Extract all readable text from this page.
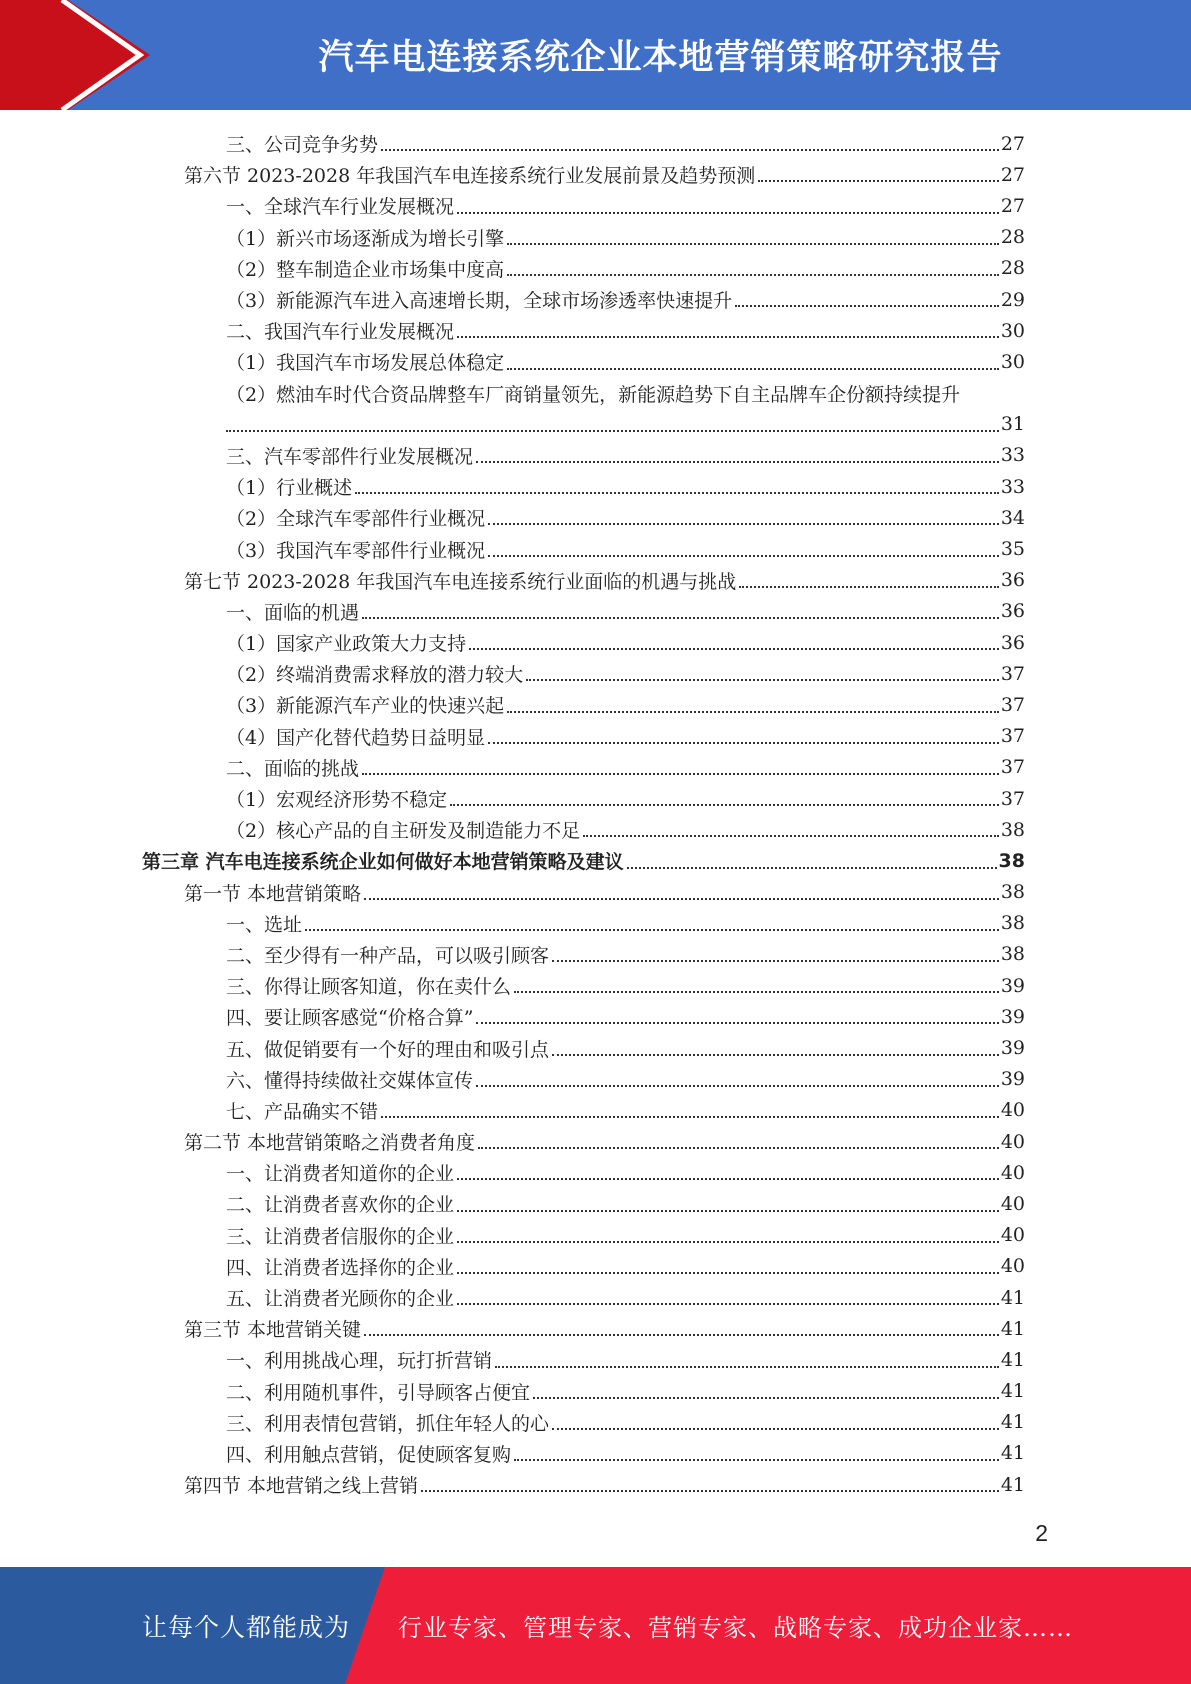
汽车电连接系统企业本地营销策略研究报告
三、公司竞争劣势	27
第六节 2023-2028 年我国汽车电连接系统行业发展前景及趋势预测	27
一、全球汽车行业发展概况	27
（1）新兴市场逐渐成为增长引擎	28
（2）整车制造企业市场集中度高	28
（3）新能源汽车进入高速增长期，全球市场渗透率快速提升	29
二、我国汽车行业发展概况	30
（1）我国汽车市场发展总体稳定	30
（2）燃油车时代合资品牌整车厂商销量领先，新能源趋势下自主品牌车企份额持续提升
31
三、汽车零部件行业发展概况	33
（1）行业概述	33
（2）全球汽车零部件行业概况	34
（3）我国汽车零部件行业概况	35
第七节 2023-2028 年我国汽车电连接系统行业面临的机遇与挑战	36
一、面临的机遇	36
（1）国家产业政策大力支持	36
（2）终端消费需求释放的潜力较大	37
（3）新能源汽车产业的快速兴起	37
（4）国产化替代趋势日益明显	37
二、面临的挑战	37
（1）宏观经济形势不稳定	37
（2）核心产品的自主研发及制造能力不足	38
第三章 汽车电连接系统企业如何做好本地营销策略及建议	38
第一节 本地营销策略	38
一、选址	38
二、至少得有一种产品，可以吸引顾客	38
三、你得让顾客知道，你在卖什么	39
四、要让顾客感觉“价格合算”	39
五、做促销要有一个好的理由和吸引点	39
六、懂得持续做社交媒体宣传	39
七、产品确实不错	40
第二节 本地营销策略之消费者角度	40
一、让消费者知道你的企业	40
二、让消费者喜欢你的企业	40
三、让消费者信服你的企业	40
四、让消费者选择你的企业	40
五、让消费者光顾你的企业	41
第三节 本地营销关键	41
一、利用挑战心理，玩打折营销	41
二、利用随机事件，引导顾客占便宜	41
三、利用表情包营销，抓住年轻人的心	41
四、利用触点营销，促使顾客复购	41
第四节 本地营销之线上营销	41
2
让每个人都能成为 行业专家、管理专家、营销专家、战略专家、成功企业家……
